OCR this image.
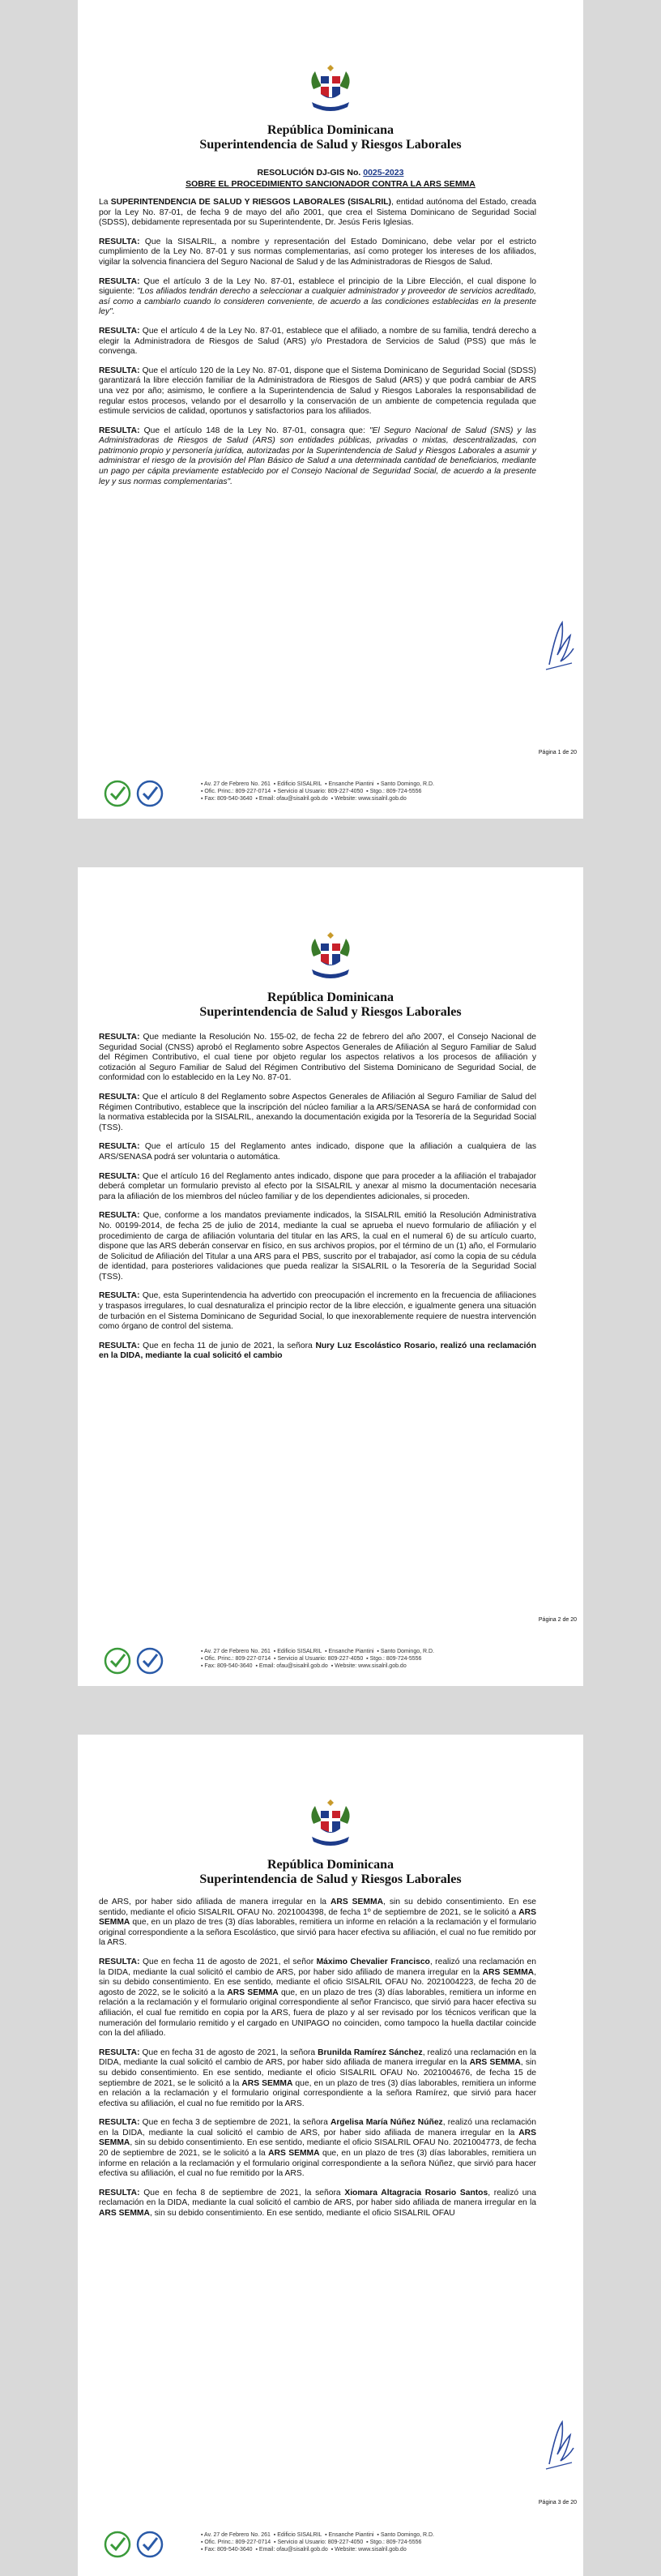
República Dominicana
Superintendencia de Salud y Riesgos Laborales
RESOLUCIÓN DJ-GIS No. 0025-2023
SOBRE EL PROCEDIMIENTO SANCIONADOR CONTRA LA ARS SEMMA

La SUPERINTENDENCIA DE SALUD Y RIESGOS LABORALES (SISALRIL), entidad autónoma del Estado, creada por la Ley No. 87-01, de fecha 9 de mayo del año 2001, que crea el Sistema Dominicano de Seguridad Social (SDSS), debidamente representada por su Superintendente, Dr. Jesús Feris Iglesias.

RESULTA: Que la SISALRIL, a nombre y representación del Estado Dominicano, debe velar por el estricto cumplimiento de la Ley No. 87-01 y sus normas complementarias, así como proteger los intereses de los afiliados, vigilar la solvencia financiera del Seguro Nacional de Salud y de las Administradoras de Riesgos de Salud.

RESULTA: Que el artículo 3 de la Ley No. 87-01, establece el principio de la Libre Elección, el cual dispone lo siguiente: "Los afiliados tendrán derecho a seleccionar a cualquier administrador y proveedor de servicios acreditado, así como a cambiarlo cuando lo consideren conveniente, de acuerdo a las condiciones establecidas en la presente ley".

RESULTA: Que el artículo 4 de la Ley No. 87-01, establece que el afiliado, a nombre de su familia, tendrá derecho a elegir la Administradora de Riesgos de Salud (ARS) y/o Prestadora de Servicios de Salud (PSS) que más le convenga.

RESULTA: Que el artículo 120 de la Ley No. 87-01, dispone que el Sistema Dominicano de Seguridad Social (SDSS) garantizará la libre elección familiar de la Administradora de Riesgos de Salud (ARS) y que podrá cambiar de ARS una vez por año; asimismo, le confiere a la Superintendencia de Salud y Riesgos Laborales la responsabilidad de regular estos procesos, velando por el desarrollo y la conservación de un ambiente de competencia regulada que estimule servicios de calidad, oportunos y satisfactorios para los afiliados.

RESULTA: Que el artículo 148 de la Ley No. 87-01, consagra que: "El Seguro Nacional de Salud (SNS) y las Administradoras de Riesgos de Salud (ARS) son entidades públicas, privadas o mixtas, descentralizadas, con patrimonio propio y personería jurídica, autorizadas por la Superintendencia de Salud y Riesgos Laborales a asumir y administrar el riesgo de la provisión del Plan Básico de Salud a una determinada cantidad de beneficiarios, mediante un pago per cápita previamente establecido por el Consejo Nacional de Seguridad Social, de acuerdo a la presente ley y sus normas complementarias".

Página 1 de 20
▪ Av. 27 de Febrero No. 261  ▪ Edificio SISALRIL  ▪ Ensanche Piantini  ▪ Santo Domingo, R.D.
▪ Ofic. Princ.: 809-227-0714  ▪ Servicio al Usuario: 809-227-4050  ▪ Stgo.: 809-724-5556
▪ Fax: 809-540-3640  ▪ Email: ofau@sisalril.gob.do  ▪ Website: www.sisalril.gob.do
República Dominicana
Superintendencia de Salud y Riesgos Laborales

RESULTA: Que mediante la Resolución No. 155-02, de fecha 22 de febrero del año 2007, el Consejo Nacional de Seguridad Social (CNSS) aprobó el Reglamento sobre Aspectos Generales de Afiliación al Seguro Familiar de Salud del Régimen Contributivo, el cual tiene por objeto regular los aspectos relativos a los procesos de afiliación y cotización al Seguro Familiar de Salud del Régimen Contributivo del Sistema Dominicano de Seguridad Social, de conformidad con lo establecido en la Ley No. 87-01.

RESULTA: Que el artículo 8 del Reglamento sobre Aspectos Generales de Afiliación al Seguro Familiar de Salud del Régimen Contributivo, establece que la inscripción del núcleo familiar a la ARS/SENASA se hará de conformidad con la normativa establecida por la SISALRIL, anexando la documentación exigida por la Tesorería de la Seguridad Social (TSS).

RESULTA: Que el artículo 15 del Reglamento antes indicado, dispone que la afiliación a cualquiera de las ARS/SENASA podrá ser voluntaria o automática.

RESULTA: Que el artículo 16 del Reglamento antes indicado, dispone que para proceder a la afiliación el trabajador deberá completar un formulario previsto al efecto por la SISALRIL y anexar al mismo la documentación necesaria para la afiliación de los miembros del núcleo familiar y de los dependientes adicionales, si proceden.

RESULTA: Que, conforme a los mandatos previamente indicados, la SISALRIL emitió la Resolución Administrativa No. 00199-2014, de fecha 25 de julio de 2014, mediante la cual se aprueba el nuevo formulario de afiliación y el procedimiento de carga de afiliación voluntaria del titular en las ARS, la cual en el numeral 6) de su artículo cuarto, dispone que las ARS deberán conservar en físico, en sus archivos propios, por el término de un (1) año, el Formulario de Solicitud de Afiliación del Titular a una ARS para el PBS, suscrito por el trabajador, así como la copia de su cédula de identidad, para posteriores validaciones que pueda realizar la SISALRIL o la Tesorería de la Seguridad Social (TSS).

RESULTA: Que, esta Superintendencia ha advertido con preocupación el incremento en la frecuencia de afiliaciones y traspasos irregulares, lo cual desnaturaliza el principio rector de la libre elección, e igualmente genera una situación de turbación en el Sistema Dominicano de Seguridad Social, lo que inexorablemente requiere de nuestra intervención como órgano de control del sistema.

RESULTA: Que en fecha 11 de junio de 2021, la señora Nury Luz Escolástico Rosario, realizó una reclamación en la DIDA, mediante la cual solicitó el cambio

Página 2 de 20
▪ Av. 27 de Febrero No. 261  ▪ Edificio SISALRIL  ▪ Ensanche Piantini  ▪ Santo Domingo, R.D.
▪ Ofic. Princ.: 809-227-0714  ▪ Servicio al Usuario: 809-227-4050  ▪ Stgo.: 809-724-5556
▪ Fax: 809-540-3640  ▪ Email: ofau@sisalril.gob.do  ▪ Website: www.sisalril.gob.do
República Dominicana
Superintendencia de Salud y Riesgos Laborales

de ARS, por haber sido afiliada de manera irregular en la ARS SEMMA, sin su debido consentimiento. En ese sentido, mediante el oficio SISALRIL OFAU No. 2021004398, de fecha 1º de septiembre de 2021, se le solicitó a ARS SEMMA que, en un plazo de tres (3) días laborables, remitiera un informe en relación a la reclamación y el formulario original correspondiente a la señora Escolástico, que sirvió para hacer efectiva su afiliación, el cual no fue remitido por la ARS.

RESULTA: Que en fecha 11 de agosto de 2021, el señor Máximo Chevalier Francisco, realizó una reclamación en la DIDA, mediante la cual solicitó el cambio de ARS, por haber sido afiliado de manera irregular en la ARS SEMMA, sin su debido consentimiento. En ese sentido, mediante el oficio SISALRIL OFAU No. 2021004223, de fecha 20 de agosto de 2022, se le solicitó a la ARS SEMMA que, en un plazo de tres (3) días laborables, remitiera un informe en relación a la reclamación y el formulario original correspondiente al señor Francisco, que sirvió para hacer efectiva su afiliación, el cual fue remitido en copia por la ARS, fuera de plazo y al ser revisado por los técnicos verifican que la numeración del formulario remitido y el cargado en UNIPAGO no coinciden, como tampoco la huella dactilar coincide con la del afiliado.

RESULTA: Que en fecha 31 de agosto de 2021, la señora Brunilda Ramírez Sánchez, realizó una reclamación en la DIDA, mediante la cual solicitó el cambio de ARS, por haber sido afiliada de manera irregular en la ARS SEMMA, sin su debido consentimiento. En ese sentido, mediante el oficio SISALRIL OFAU No. 2021004676, de fecha 15 de septiembre de 2021, se le solicitó a la ARS SEMMA que, en un plazo de tres (3) días laborables, remitiera un informe en relación a la reclamación y el formulario original correspondiente a la señora Ramírez, que sirvió para hacer efectiva su afiliación, el cual no fue remitido por la ARS.

RESULTA: Que en fecha 3 de septiembre de 2021, la señora Argelisa María Núñez Núñez, realizó una reclamación en la DIDA, mediante la cual solicitó el cambio de ARS, por haber sido afiliada de manera irregular en la ARS SEMMA, sin su debido consentimiento. En ese sentido, mediante el oficio SISALRIL OFAU No. 2021004773, de fecha 20 de septiembre de 2021, se le solicitó a la ARS SEMMA que, en un plazo de tres (3) días laborables, remitiera un informe en relación a la reclamación y el formulario original correspondiente a la señora Núñez, que sirvió para hacer efectiva su afiliación, el cual no fue remitido por la ARS.

RESULTA: Que en fecha 8 de septiembre de 2021, la señora Xiomara Altagracia Rosario Santos, realizó una reclamación en la DIDA, mediante la cual solicitó el cambio de ARS, por haber sido afiliada de manera irregular en la ARS SEMMA, sin su debido consentimiento. En ese sentido, mediante el oficio SISALRIL OFAU

Página 3 de 20
▪ Av. 27 de Febrero No. 261  ▪ Edificio SISALRIL  ▪ Ensanche Piantini  ▪ Santo Domingo, R.D.
▪ Ofic. Princ.: 809-227-0714  ▪ Servicio al Usuario: 809-227-4050  ▪ Stgo.: 809-724-5556
▪ Fax: 809-540-3640  ▪ Email: ofau@sisalril.gob.do  ▪ Website: www.sisalril.gob.do
